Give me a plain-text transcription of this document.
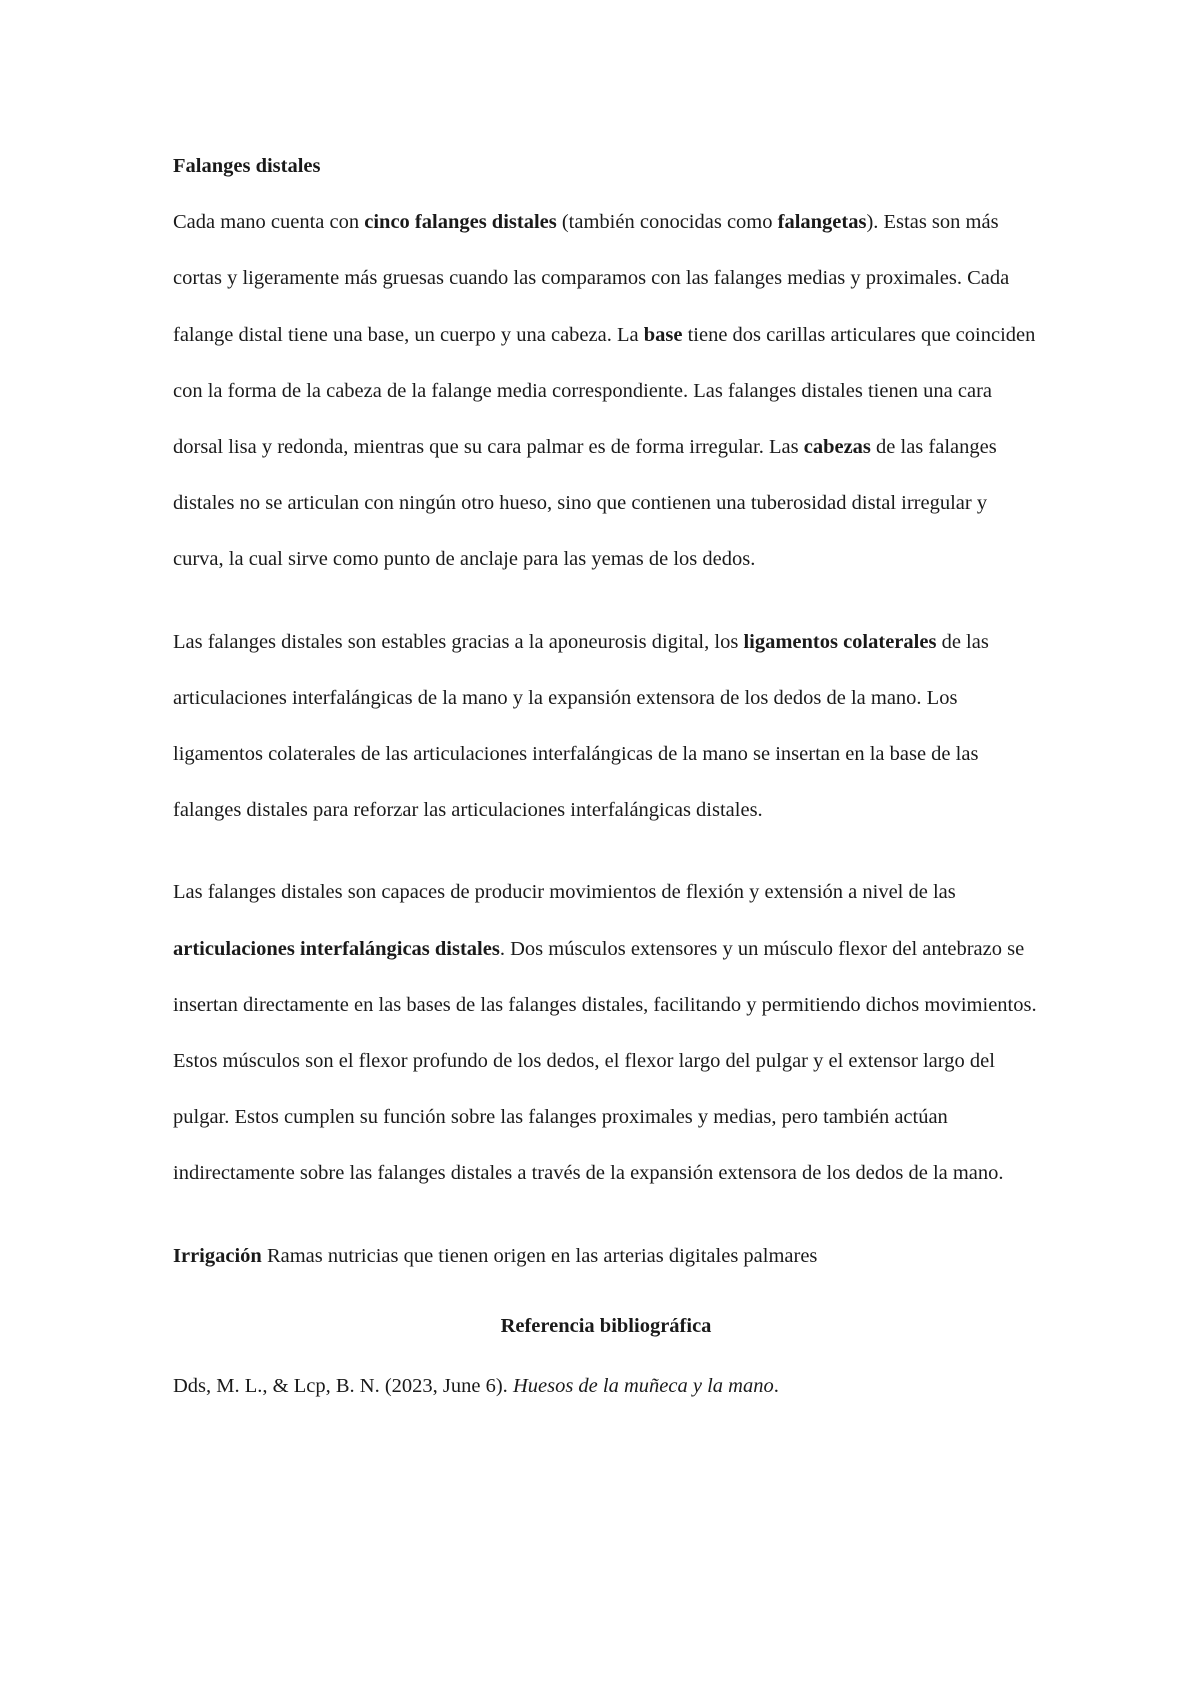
Falanges distales

Cada mano cuenta con cinco falanges distales (también conocidas como falangetas). Estas son más cortas y ligeramente más gruesas cuando las comparamos con las falanges medias y proximales. Cada falange distal tiene una base, un cuerpo y una cabeza. La base tiene dos carillas articulares que coinciden con la forma de la cabeza de la falange media correspondiente. Las falanges distales tienen una cara dorsal lisa y redonda, mientras que su cara palmar es de forma irregular. Las cabezas de las falanges distales no se articulan con ningún otro hueso, sino que contienen una tuberosidad distal irregular y curva, la cual sirve como punto de anclaje para las yemas de los dedos.

Las falanges distales son estables gracias a la aponeurosis digital, los ligamentos colaterales de las articulaciones interfalángicas de la mano y la expansión extensora de los dedos de la mano. Los ligamentos colaterales de las articulaciones interfalángicas de la mano se insertan en la base de las falanges distales para reforzar las articulaciones interfalángicas distales.

Las falanges distales son capaces de producir movimientos de flexión y extensión a nivel de las articulaciones interfalángicas distales. Dos músculos extensores y un músculo flexor del antebrazo se insertan directamente en las bases de las falanges distales, facilitando y permitiendo dichos movimientos. Estos músculos son el flexor profundo de los dedos, el flexor largo del pulgar y el extensor largo del pulgar. Estos cumplen su función sobre las falanges proximales y medias, pero también actúan indirectamente sobre las falanges distales a través de la expansión extensora de los dedos de la mano.

Irrigación Ramas nutricias que tienen origen en las arterias digitales palmares

Referencia bibliográfica

Dds, M. L., & Lcp, B. N. (2023, June 6). Huesos de la muñeca y la mano.
